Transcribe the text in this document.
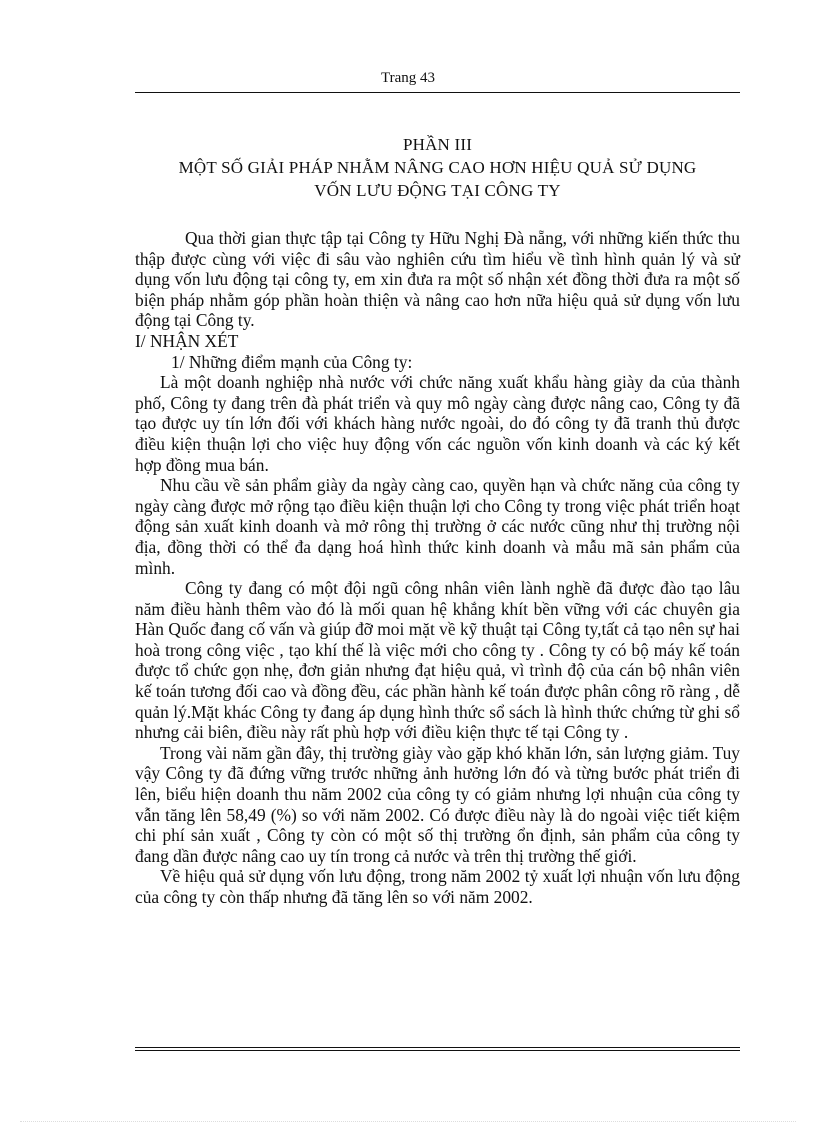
Trang 43
PHẦN III
MỘT SỐ GIẢI PHÁP NHẰM NÂNG CAO HƠN HIỆU QUẢ SỬ DỤNG
VỐN LƯU ĐỘNG TẠI CÔNG TY

Qua thời gian thực tập tại Công ty Hữu Nghị Đà nẵng, với những kiến thức thu thập được cùng với việc đi sâu vào nghiên cứu tìm hiểu về tình hình quản lý và sử dụng vốn lưu động tại công ty, em xin đưa ra một số nhận xét đồng thời đưa ra một số biện pháp nhằm góp phần hoàn thiện và nâng cao hơn nữa hiệu quả sử dụng vốn lưu động tại Công ty.

I/ NHẬN XÉT

1/ Những điểm mạnh của Công ty:

Là một doanh nghiệp nhà nước với chức năng xuất khẩu hàng giày da của thành phố, Công ty đang trên đà phát triển và quy mô ngày càng được nâng cao, Công ty đã tạo được uy tín lớn đối với khách hàng nước ngoài, do đó công ty đã tranh thủ được điều kiện thuận lợi cho việc huy động vốn các nguồn vốn kinh doanh và các ký kết hợp đồng mua bán.

Nhu cầu về sản phẩm giày da ngày càng cao, quyền hạn và chức năng của công ty ngày càng được mở rộng tạo điều kiện thuận lợi cho Công ty trong việc phát triển hoạt động sản xuất kinh doanh và mở rông thị trường ở các nước cũng như thị trường nội địa, đồng thời có thể đa dạng hoá hình thức kinh doanh và mẫu mã sản phẩm của mình.

Công ty đang có một đội ngũ công nhân viên lành nghề đã được đào tạo lâu năm điều hành thêm vào đó là mối quan hệ khắng khít bền vững với các chuyên gia Hàn Quốc đang cố vấn và giúp đỡ moi mặt về kỹ thuật tại Công ty,tất cả tạo nên sự hai hoà trong công việc , tạo khí thế là việc mới cho công ty . Công ty có bộ máy kế toán được tổ chức gọn nhẹ, đơn giản nhưng đạt hiệu quả, vì trình độ của cán bộ nhân viên kế toán tương đối cao và đồng đều, các phần hành kế toán được phân công rõ ràng , dễ quản lý.Mặt khác Công ty đang áp dụng hình thức sổ sách là hình thức chứng từ ghi sổ nhưng cải biên, điều này rất phù hợp với điều kiện thực tế tại Công ty .

Trong vài năm gần đây, thị trường giày vào gặp khó khăn lớn, sản lượng giảm. Tuy vậy Công ty đã đứng vững trước những ảnh hưởng lớn đó và từng bước phát triển đi lên, biểu hiện doanh thu năm 2002 của công ty có giảm nhưng lợi nhuận của công ty vẫn tăng lên 58,49 (%) so với năm 2002. Có được điều này là do ngoài việc tiết kiệm chi phí sản xuất , Công ty còn có một số thị trường ổn định, sản phẩm của công ty đang dần được nâng cao uy tín trong cả nước và trên thị trường thế giới.

Về hiệu quả sử dụng vốn lưu động, trong năm 2002 tỷ xuất lợi nhuận vốn lưu động của công ty còn thấp nhưng đã tăng lên so với năm 2002.
